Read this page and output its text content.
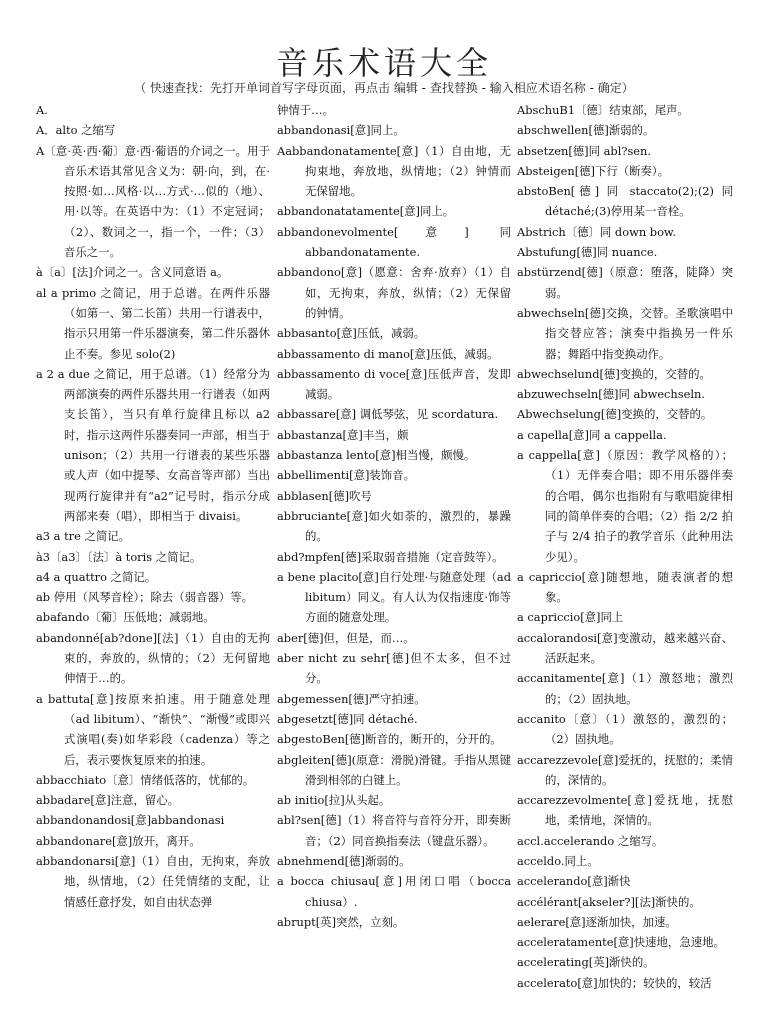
音乐术语大全
（ 快速查找：先打开单词首写字母页面，再点击 编辑 - 查找替换 - 输入相应术语名称 - 确定）

A.

A．alto 之缩写

A〔意·英·西·葡〕意·西·葡语的介词之一。用于音乐术语其常见含义为：朝·向，到，在·按照·如…风格·以…方式·…似的（地）、用·以等。在英语中为：（1）不定冠词；（2）、数词之一，指一个，一件；（3）音乐之一。

à〔a〕[法]介词之一。含义同意语 a。

al a primo 之简记，用于总谱。在两件乐器（如第一、第二长笛）共用一行谱表中，指示只用第一件乐器演奏，第二件乐器休止不奏。参见 solo(2)

a 2 a due 之简记，用于总谱。（1）经常分为两部演奏的两件乐器共用一行谱表（如两支长笛），当只有单行旋律且标以 a2 时，指示这两件乐器奏同一声部，相当于 unison；（2）共用一行谱表的某些乐器或人声（如中提琴、女高音等声部）当出现两行旋律并有“a2”记号时，指示分成两部来奏（唱），即相当于 divaisi。

a3 a tre 之简记。

à3〔a3〕〔法〕à toris 之简记。

a4 a quattro 之简记。

ab 停用（风琴音栓）；除去（弱音器）等。

abafando〔葡〕压低地；减弱地。

abandonné[ab?done][法]（1）自由的无拘束的，奔放的，纵情的；（2）无何留地伸情于…的。

a battuta[意]按原来拍速。用于随意处理（ad libitum）、“渐快”、“渐慢”或即兴式演唱(奏)如华彩段（cadenza）等之后，表示要恢复原来的拍速。

abbacchiato〔意〕情绪低落的，忧郁的。

abbadare[意]注意，留心。

abbandonandosi[意]abbandonasi

abbandonare[意]放开，离开。

abbandonarsi[意]（1）自由，无拘束，奔放地，纵情地，（2）任凭情绪的支配，让情感任意抒发，如自由状态弹

钟情于…。

abbandonasi[意]同上。

Aabbandonatamente[意]（1）自由地，无拘束地，奔放地，纵情地；（2）钟情而无保留地。

abbandonatatamente[意]同上。

abbandonevolmente[意] 同 abbandonatamente.

abbandono[意]（愿意：舍弃·放弃）（1）自如，无拘束，奔放，纵情；（2）无保留的钟情。

abbasanto[意]压低，减弱。

abbassamento di mano[意]压低，减弱。

abbassamento di voce[意]压低声音，发即减弱。

abbassare[意] 调低琴弦，见 scordatura.

abbastanza[意]丰当，颇

abbastanza lento[意]相当慢，颇慢。

abbellimenti[意]装饰音。

abblasen[德]吹号

abbruciante[意]如火如荼的，激烈的，暴躁的。

abd?mpfen[德]采取弱音措施（定音鼓等）。

a bene placito[意]自行处理·与随意处理（ad libitum）同义。有人认为仅指速度·饰等方面的随意处理。

aber[德]但，但是，而…。

aber nicht zu sehr[德]但不太多，但不过分。

abgemessen[德]严守拍速。

abgesetzt[德]同 détaché.

abgestoBen[德]断音的，断开的，分开的。

abgleiten[德](原意：滑脱)滑键。手指从黑键滑到相邻的白键上。

ab initio[拉]从头起。

abl?sen[德]（1）将音符与音符分开，即奏断音；（2）同音换指奏法（键盘乐器）。

abnehmend[德]渐弱的。

a bocca chiusau[意]用闭口唱（bocca chiusa）.

abrupt[英]突然，立刻。

AbschuB1〔德〕结束部，尾声。

abschwellen[德]渐弱的。

absetzen[德]同 abl?sen.

Absteigen[德]下行（断奏）。

abstoBen[德] 同 staccato(2);(2) 同 détaché;(3)停用某一音栓。

Abstrich〔德〕同 down bow.

Abstufung[德]同 nuance.

abstürzend[德]（原意：堕落，陡降）突弱。

abwechseln[德]交换，交替。圣歌演唱中指交替应答；演奏中指换另一件乐器；舞蹈中指变换动作。

abwechselund[德]变换的，交替的。

abzuwechseln[德]同 abwechseln.

Abwechselung[德]变换的，交替的。

a capella[意]同 a cappella.

a cappella[意]（原因：教学风格的）；（1）无伴奏合唱；即不用乐器伴奏的合唱，偶尔也指附有与歌唱旋律相同的简单伴奏的合唱；（2）指 2/2 拍子与 2/4 拍子的教学音乐（此种用法少见）。

a capriccio[意]随想地，随表演者的想象。

a capriccio[意]同上

accalorandosi[意]变激动，越来越兴奋、活跃起来。

accanitamente[意]（1）激怒地；激烈的；（2）固执地。

accanito〔意〕（1）激怒的，激烈的；（2）固执地。

accarezzevole[意]爱抚的，抚慰的；柔情的，深情的。

accarezzevolmente[意]爱抚地，抚慰地，柔情地，深情的。

accl.accelerando 之缩写。

acceldo.同上。

accelerando[意]渐快

accélérant[akseler?][法]渐快的。

aelerare[意]逐渐加快，加速。

acceleratamente[意]快速地，急速地。

accelerating[英]渐快的。

accelerato[意]加快的；较快的，较活
